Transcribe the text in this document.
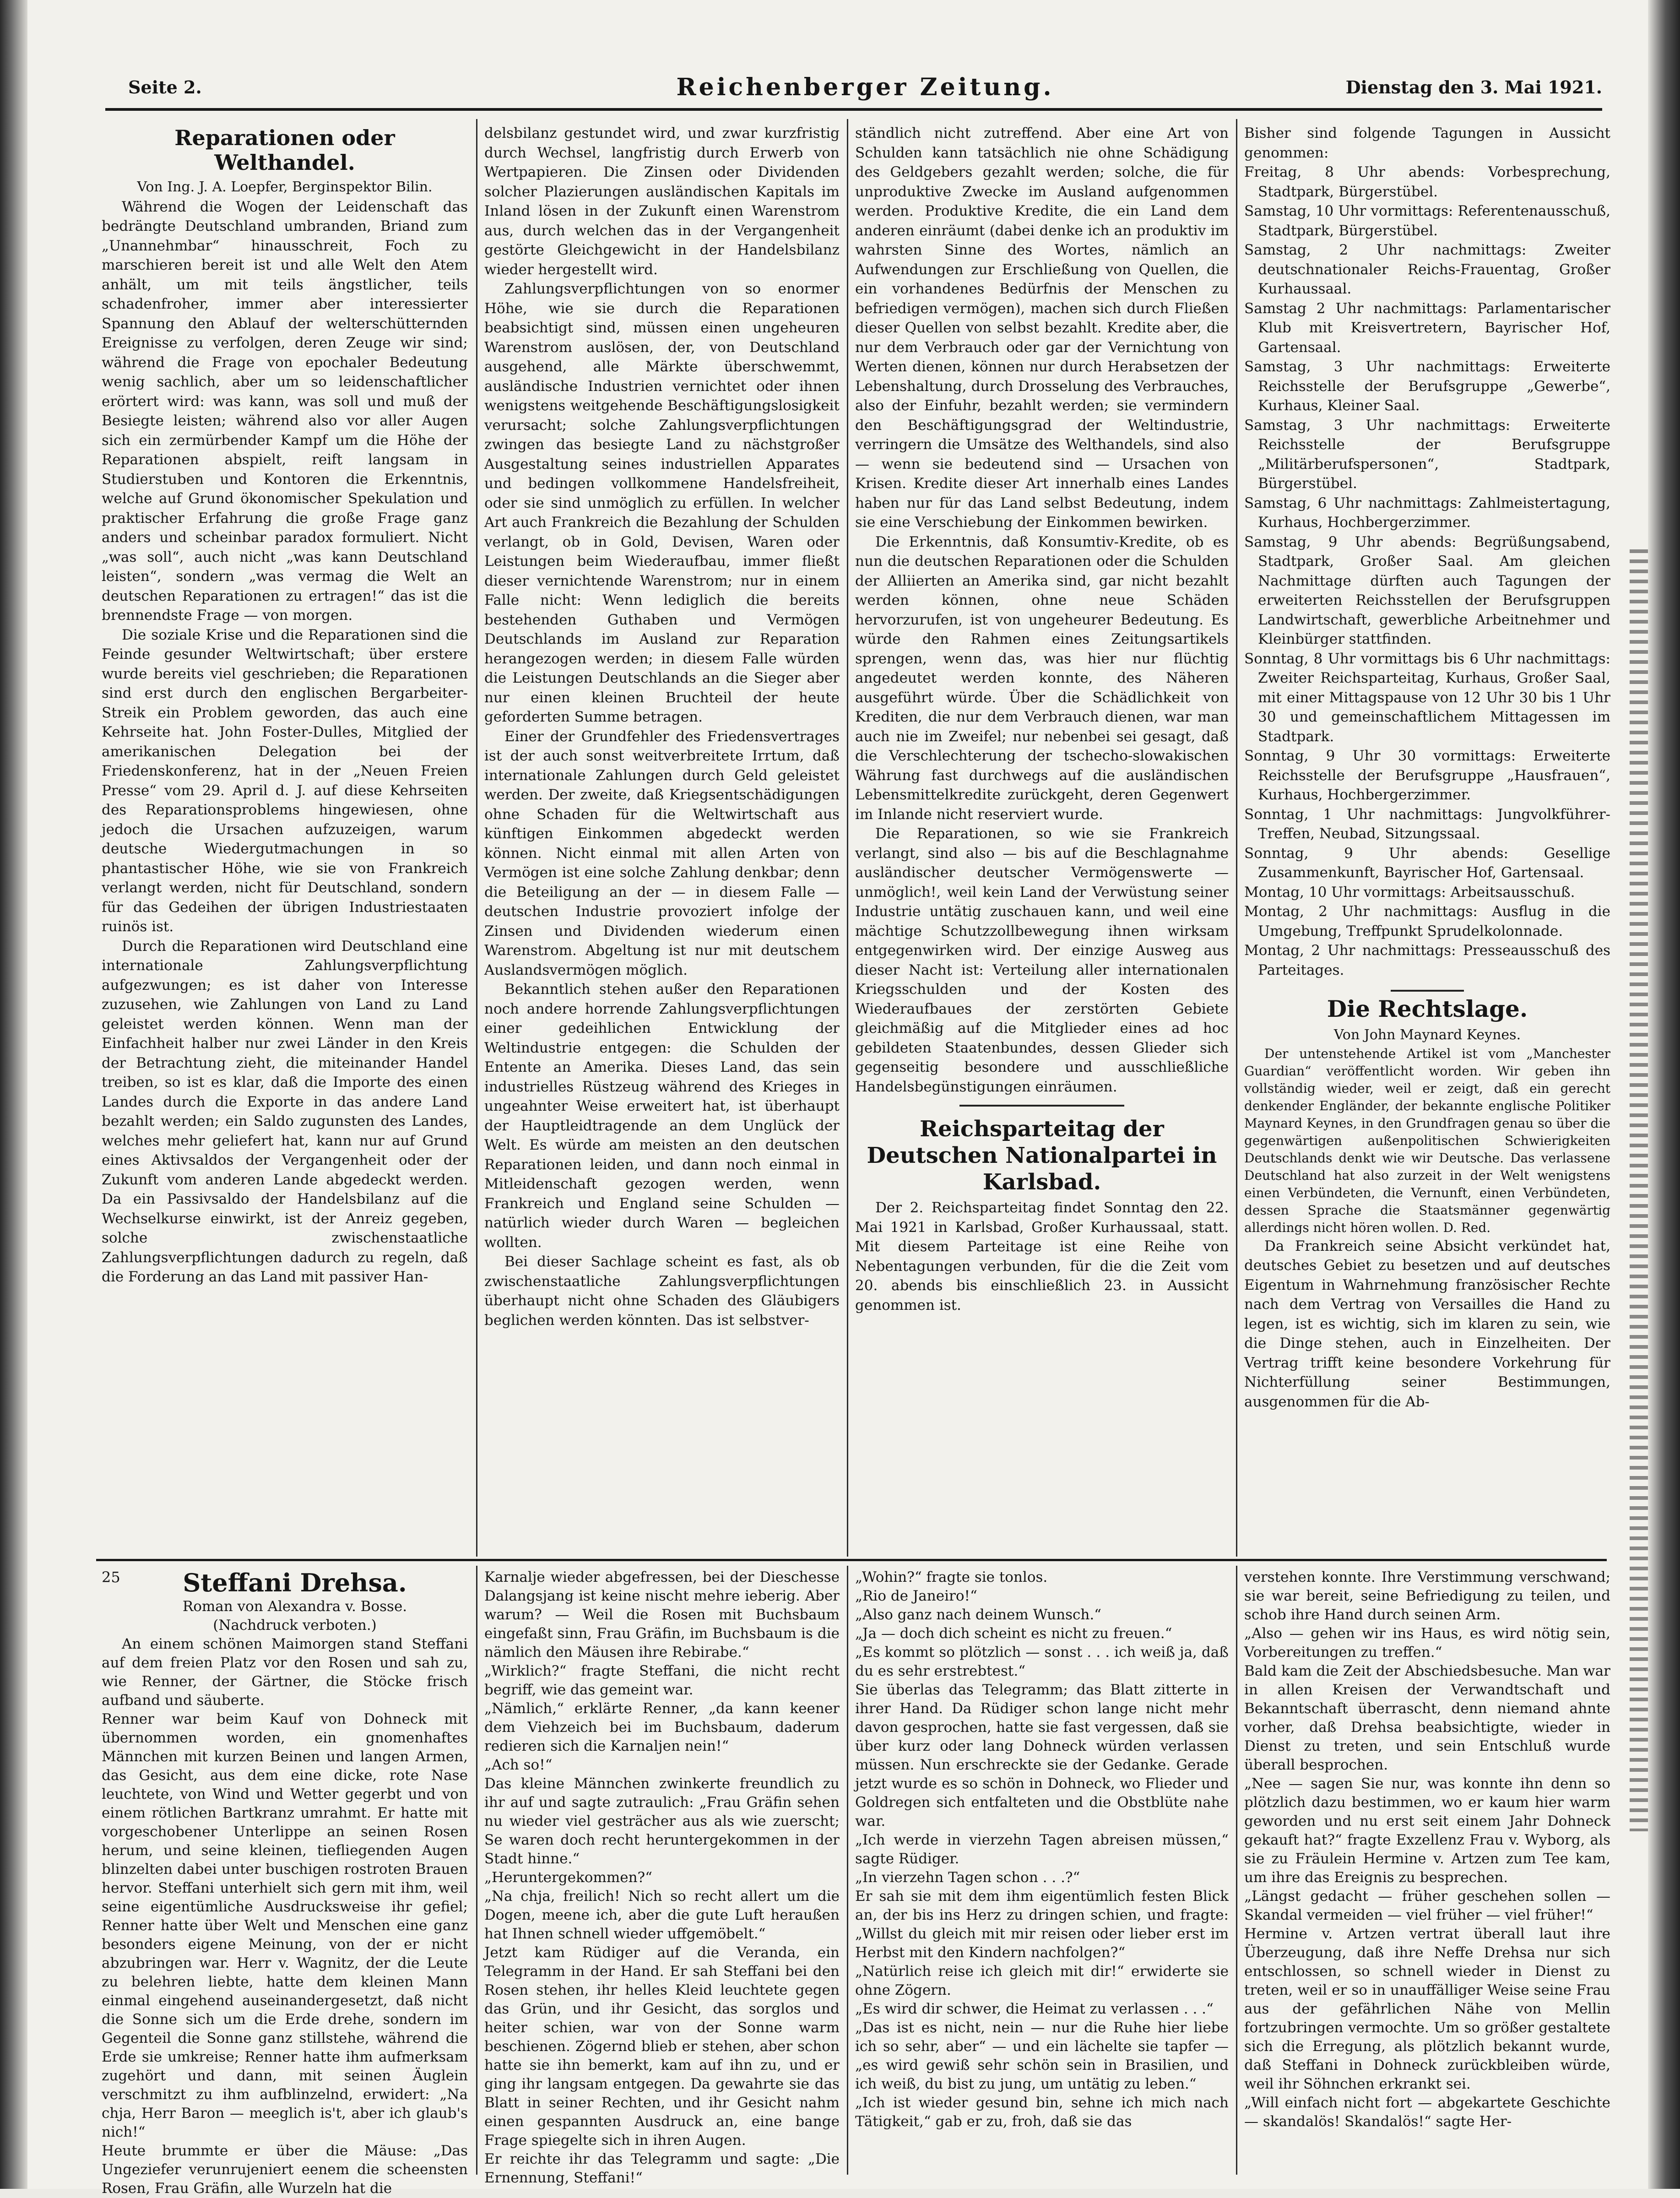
Seite 2.	Reichenberger Zeitung.	Dienstag den 3. Mai 1921.
Reparationen oder Welthandel.

Von Ing. J. A. Loepfer, Berginspektor Bilin.

Während die Wogen der Leidenschaft das bedrängte Deutschland umbranden, Briand zum „Unannehmbar“ hinausschreit, Foch zu marschieren bereit ist und alle Welt den Atem anhält, um mit teils ängstlicher, teils schadenfroher, immer aber interessierter Spannung den Ablauf der welterschütternden Ereignisse zu verfolgen, deren Zeuge wir sind; während die Frage von epochaler Bedeutung wenig sachlich, aber um so leidenschaftlicher erörtert wird: was kann, was soll und muß der Besiegte leisten; während also vor aller Augen sich ein zermürbender Kampf um die Höhe der Reparationen abspielt, reift langsam in Studierstuben und Kontoren die Erkenntnis, welche auf Grund ökonomischer Spekulation und praktischer Erfahrung die große Frage ganz anders und scheinbar paradox formuliert. Nicht „was soll“, auch nicht „was kann Deutschland leisten“, sondern „was vermag die Welt an deutschen Reparationen zu ertragen!“ das ist die brennendste Frage — von morgen.

Die soziale Krise und die Reparationen sind die Feinde gesunder Weltwirtschaft; über erstere wurde bereits viel geschrieben; die Reparationen sind erst durch den englischen Bergarbeiter-Streik ein Problem geworden, das auch eine Kehrseite hat. John Foster-Dulles, Mitglied der amerikanischen Delegation bei der Friedenskonferenz, hat in der „Neuen Freien Presse“ vom 29. April d. J. auf diese Kehrseiten des Reparationsproblems hingewiesen, ohne jedoch die Ursachen aufzuzeigen, warum deutsche Wiedergutmachungen in so phantastischer Höhe, wie sie von Frankreich verlangt werden, nicht für Deutschland, sondern für das Gedeihen der übrigen Industriestaaten ruinös ist.

Durch die Reparationen wird Deutschland eine internationale Zahlungsverpflichtung aufgezwungen; es ist daher von Interesse zuzusehen, wie Zahlungen von Land zu Land geleistet werden können. Wenn man der Einfachheit halber nur zwei Länder in den Kreis der Betrachtung zieht, die miteinander Handel treiben, so ist es klar, daß die Importe des einen Landes durch die Exporte in das andere Land bezahlt werden; ein Saldo zugunsten des Landes, welches mehr geliefert hat, kann nur auf Grund eines Aktivsaldos der Vergangenheit oder der Zukunft vom anderen Lande abgedeckt werden. Da ein Passivsaldo der Handelsbilanz auf die Wechselkurse einwirkt, ist der Anreiz gegeben, solche zwischenstaatliche Zahlungsverpflichtungen dadurch zu regeln, daß die Forderung an das Land mit passiver Han-

delsbilanz gestundet wird, und zwar kurzfristig durch Wechsel, langfristig durch Erwerb von Wertpapieren. Die Zinsen oder Dividenden solcher Plazierungen ausländischen Kapitals im Inland lösen in der Zukunft einen Warenstrom aus, durch welchen das in der Vergangenheit gestörte Gleichgewicht in der Handelsbilanz wieder hergestellt wird.

Zahlungsverpflichtungen von so enormer Höhe, wie sie durch die Reparationen beabsichtigt sind, müssen einen ungeheuren Warenstrom auslösen, der, von Deutschland ausgehend, alle Märkte überschwemmt, ausländische Industrien vernichtet oder ihnen wenigstens weitgehende Beschäftigungslosigkeit verursacht; solche Zahlungsverpflichtungen zwingen das besiegte Land zu nächstgroßer Ausgestaltung seines industriellen Apparates und bedingen vollkommene Handelsfreiheit, oder sie sind unmöglich zu erfüllen. In welcher Art auch Frankreich die Bezahlung der Schulden verlangt, ob in Gold, Devisen, Waren oder Leistungen beim Wiederaufbau, immer fließt dieser vernichtende Warenstrom; nur in einem Falle nicht: Wenn lediglich die bereits bestehenden Guthaben und Vermögen Deutschlands im Ausland zur Reparation herangezogen werden; in diesem Falle würden die Leistungen Deutschlands an die Sieger aber nur einen kleinen Bruchteil der heute geforderten Summe betragen.

Einer der Grundfehler des Friedensvertrages ist der auch sonst weitverbreitete Irrtum, daß internationale Zahlungen durch Geld geleistet werden. Der zweite, daß Kriegsentschädigungen ohne Schaden für die Weltwirtschaft aus künftigen Einkommen abgedeckt werden können. Nicht einmal mit allen Arten von Vermögen ist eine solche Zahlung denkbar; denn die Beteiligung an der — in diesem Falle — deutschen Industrie provoziert infolge der Zinsen und Dividenden wiederum einen Warenstrom. Abgeltung ist nur mit deutschem Auslandsvermögen möglich.

Bekanntlich stehen außer den Reparationen noch andere horrende Zahlungsverpflichtungen einer gedeihlichen Entwicklung der Weltindustrie entgegen: die Schulden der Entente an Amerika. Dieses Land, das sein industrielles Rüstzeug während des Krieges in ungeahnter Weise erweitert hat, ist überhaupt der Hauptleidtragende an dem Unglück der Welt. Es würde am meisten an den deutschen Reparationen leiden, und dann noch einmal in Mitleidenschaft gezogen werden, wenn Frankreich und England seine Schulden — natürlich wieder durch Waren — begleichen wollten.

Bei dieser Sachlage scheint es fast, als ob zwischenstaatliche Zahlungsverpflichtungen überhaupt nicht ohne Schaden des Gläubigers beglichen werden könnten. Das ist selbstver-

ständlich nicht zutreffend. Aber eine Art von Schulden kann tatsächlich nie ohne Schädigung des Geldgebers gezahlt werden; solche, die für unproduktive Zwecke im Ausland aufgenommen werden. Produktive Kredite, die ein Land dem anderen einräumt (dabei denke ich an produktiv im wahrsten Sinne des Wortes, nämlich an Aufwendungen zur Erschließung von Quellen, die ein vorhandenes Bedürfnis der Menschen zu befriedigen vermögen), machen sich durch Fließen dieser Quellen von selbst bezahlt. Kredite aber, die nur dem Verbrauch oder gar der Vernichtung von Werten dienen, können nur durch Herabsetzen der Lebenshaltung, durch Drosselung des Verbrauches, also der Einfuhr, bezahlt werden; sie vermindern den Beschäftigungsgrad der Weltindustrie, verringern die Umsätze des Welthandels, sind also — wenn sie bedeutend sind — Ursachen von Krisen. Kredite dieser Art innerhalb eines Landes haben nur für das Land selbst Bedeutung, indem sie eine Verschiebung der Einkommen bewirken.

Die Erkenntnis, daß Konsumtiv-Kredite, ob es nun die deutschen Reparationen oder die Schulden der Alliierten an Amerika sind, gar nicht bezahlt werden können, ohne neue Schäden hervorzurufen, ist von ungeheurer Bedeutung. Es würde den Rahmen eines Zeitungsartikels sprengen, wenn das, was hier nur flüchtig angedeutet werden konnte, des Näheren ausgeführt würde. Über die Schädlichkeit von Krediten, die nur dem Verbrauch dienen, war man auch nie im Zweifel; nur nebenbei sei gesagt, daß die Verschlechterung der tschecho-slowakischen Währung fast durchwegs auf die ausländischen Lebensmittelkredite zurückgeht, deren Gegenwert im Inlande nicht reserviert wurde.

Die Reparationen, so wie sie Frankreich verlangt, sind also — bis auf die Beschlagnahme ausländischer deutscher Vermögenswerte — unmöglich!, weil kein Land der Verwüstung seiner Industrie untätig zuschauen kann, und weil eine mächtige Schutzzollbewegung ihnen wirksam entgegenwirken wird. Der einzige Ausweg aus dieser Nacht ist: Verteilung aller internationalen Kriegsschulden und der Kosten des Wiederaufbaues der zerstörten Gebiete gleichmäßig auf die Mitglieder eines ad hoc gebildeten Staatenbundes, dessen Glieder sich gegenseitig besondere und ausschließliche Handelsbegünstigungen einräumen.

Reichsparteitag der Deutschen Nationalpartei in Karlsbad.

Der 2. Reichsparteitag findet Sonntag den 22. Mai 1921 in Karlsbad, Großer Kurhaussaal, statt. Mit diesem Parteitage ist eine Reihe von Nebentagungen verbunden, für die die Zeit vom 20. abends bis einschließlich 23. in Aussicht genommen ist.

Bisher sind folgende Tagungen in Aussicht genommen:

Freitag, 8 Uhr abends: Vorbesprechung, Stadtpark, Bürgerstübel.

Samstag, 10 Uhr vormittags: Referentenausschuß, Stadtpark, Bürgerstübel.

Samstag, 2 Uhr nachmittags: Zweiter deutschnationaler Reichs-Frauentag, Großer Kurhaussaal.

Samstag 2 Uhr nachmittags: Parlamentarischer Klub mit Kreisvertretern, Bayrischer Hof, Gartensaal.

Samstag, 3 Uhr nachmittags: Erweiterte Reichsstelle der Berufsgruppe „Gewerbe“, Kurhaus, Kleiner Saal.

Samstag, 3 Uhr nachmittags: Erweiterte Reichsstelle der Berufsgruppe „Militärberufspersonen“, Stadtpark, Bürgerstübel.

Samstag, 6 Uhr nachmittags: Zahlmeistertagung, Kurhaus, Hochbergerzimmer.

Samstag, 9 Uhr abends: Begrüßungsabend, Stadtpark, Großer Saal. Am gleichen Nachmittage dürften auch Tagungen der erweiterten Reichsstellen der Berufsgruppen Landwirtschaft, gewerbliche Arbeitnehmer und Kleinbürger stattfinden.

Sonntag, 8 Uhr vormittags bis 6 Uhr nachmittags: Zweiter Reichsparteitag, Kurhaus, Großer Saal, mit einer Mittagspause von 12 Uhr 30 bis 1 Uhr 30 und gemeinschaftlichem Mittagessen im Stadtpark.

Sonntag, 9 Uhr 30 vormittags: Erweiterte Reichsstelle der Berufsgruppe „Hausfrauen“, Kurhaus, Hochbergerzimmer.

Sonntag, 1 Uhr nachmittags: Jungvolkführer-Treffen, Neubad, Sitzungssaal.

Sonntag, 9 Uhr abends: Gesellige Zusammenkunft, Bayrischer Hof, Gartensaal.

Montag, 10 Uhr vormittags: Arbeitsausschuß.

Montag, 2 Uhr nachmittags: Ausflug in die Umgebung, Treffpunkt Sprudelkolonnade.

Montag, 2 Uhr nachmittags: Presseausschuß des Parteitages.

Die Rechtslage.

Von John Maynard Keynes.

Der untenstehende Artikel ist vom „Manchester Guardian“ veröffentlicht worden. Wir geben ihn vollständig wieder, weil er zeigt, daß ein gerecht denkender Engländer, der bekannte englische Politiker Maynard Keynes, in den Grundfragen genau so über die gegenwärtigen außenpolitischen Schwierigkeiten Deutschlands denkt wie wir Deutsche. Das verlassene Deutschland hat also zurzeit in der Welt wenigstens einen Verbündeten, die Vernunft, einen Verbündeten, dessen Sprache die Staatsmänner gegenwärtig allerdings nicht hören wollen. D. Red.

Da Frankreich seine Absicht verkündet hat, deutsches Gebiet zu besetzen und auf deutsches Eigentum in Wahrnehmung französischer Rechte nach dem Vertrag von Versailles die Hand zu legen, ist es wichtig, sich im klaren zu sein, wie die Dinge stehen, auch in Einzelheiten. Der Vertrag trifft keine besondere Vorkehrung für Nichterfüllung seiner Bestimmungen, ausgenommen für die Ab-

25	Steffani Drehsa.

Roman von Alexandra v. Bosse.

(Nachdruck verboten.)

An einem schönen Maimorgen stand Steffani auf dem freien Platz vor den Rosen und sah zu, wie Renner, der Gärtner, die Stöcke frisch aufband und säuberte.
Renner war beim Kauf von Dohneck mit übernommen worden, ein gnomenhaftes Männchen mit kurzen Beinen und langen Armen, das Gesicht, aus dem eine dicke, rote Nase leuchtete, von Wind und Wetter gegerbt und von einem rötlichen Bartkranz umrahmt. Er hatte mit vorgeschobener Unterlippe an seinen Rosen herum, und seine kleinen, tiefliegenden Augen blinzelten dabei unter buschigen rostroten Brauen hervor. Steffani unterhielt sich gern mit ihm, weil seine eigentümliche Ausdrucksweise ihr gefiel; Renner hatte über Welt und Menschen eine ganz besonders eigene Meinung, von der er nicht abzubringen war. Herr v. Wagnitz, der die Leute zu belehren liebte, hatte dem kleinen Mann einmal eingehend auseinandergesetzt, daß nicht die Sonne sich um die Erde drehe, sondern im Gegenteil die Sonne ganz stillstehe, während die Erde sie umkreise; Renner hatte ihm aufmerksam zugehört und dann, mit seinen Äuglein verschmitzt zu ihm aufblinzelnd, erwidert: „Na chja, Herr Baron — meeglich is't, aber ich glaub's nich!“
Heute brummte er über die Mäuse: „Das Ungeziefer verunrujeniert eenem die scheensten Rosen, Frau Gräfin, alle Wurzeln hat die

Karnalje wieder abgefressen, bei der Dieschesse Dalangsjang ist keine nischt mehre ieberig. Aber warum? — Weil die Rosen mit Buchsbaum eingefaßt sinn, Frau Gräfin, im Buchsbaum is die nämlich den Mäusen ihre Rebirabe.“
„Wirklich?“ fragte Steffani, die nicht recht begriff, wie das gemeint war.
„Nämlich,“ erklärte Renner, „da kann keener dem Viehzeich bei im Buchsbaum, daderum redieren sich die Karnaljen nein!“
„Ach so!“
Das kleine Männchen zwinkerte freundlich zu ihr auf und sagte zutraulich: „Frau Gräfin sehen nu wieder viel gesträcher aus als wie zuerscht; Se waren doch recht heruntergekommen in der Stadt hinne.“
„Heruntergekommen?“
„Na chja, freilich! Nich so recht allert um die Dogen, meene ich, aber die gute Luft heraußen hat Ihnen schnell wieder uffgemöbelt.“
Jetzt kam Rüdiger auf die Veranda, ein Telegramm in der Hand. Er sah Steffani bei den Rosen stehen, ihr helles Kleid leuchtete gegen das Grün, und ihr Gesicht, das sorglos und heiter schien, war von der Sonne warm beschienen. Zögernd blieb er stehen, aber schon hatte sie ihn bemerkt, kam auf ihn zu, und er ging ihr langsam entgegen. Da gewahrte sie das Blatt in seiner Rechten, und ihr Gesicht nahm einen gespannten Ausdruck an, eine bange Frage spiegelte sich in ihren Augen.
Er reichte ihr das Telegramm und sagte: „Die Ernennung, Steffani!“

„Wohin?“ fragte sie tonlos.
„Rio de Janeiro!“
„Also ganz nach deinem Wunsch.“
„Ja — doch dich scheint es nicht zu freuen.“
„Es kommt so plötzlich — sonst . . . ich weiß ja, daß du es sehr erstrebtest.“
Sie überlas das Telegramm; das Blatt zitterte in ihrer Hand. Da Rüdiger schon lange nicht mehr davon gesprochen, hatte sie fast vergessen, daß sie über kurz oder lang Dohneck würden verlassen müssen. Nun erschreckte sie der Gedanke. Gerade jetzt wurde es so schön in Dohneck, wo Flieder und Goldregen sich entfalteten und die Obstblüte nahe war.
„Ich werde in vierzehn Tagen abreisen müssen,“ sagte Rüdiger.
„In vierzehn Tagen schon . . .?“
Er sah sie mit dem ihm eigentümlich festen Blick an, der bis ins Herz zu dringen schien, und fragte: „Willst du gleich mit mir reisen oder lieber erst im Herbst mit den Kindern nachfolgen?“
„Natürlich reise ich gleich mit dir!“ erwiderte sie ohne Zögern.
„Es wird dir schwer, die Heimat zu verlassen . . .“
„Das ist es nicht, nein — nur die Ruhe hier liebe ich so sehr, aber“ — und ein lächelte sie tapfer — „es wird gewiß sehr schön sein in Brasilien, und ich weiß, du bist zu jung, um untätig zu leben.“
„Ich ist wieder gesund bin, sehne ich mich nach Tätigkeit,“ gab er zu, froh, daß sie das

verstehen konnte. Ihre Verstimmung verschwand; sie war bereit, seine Befriedigung zu teilen, und schob ihre Hand durch seinen Arm.
„Also — gehen wir ins Haus, es wird nötig sein, Vorbereitungen zu treffen.“
Bald kam die Zeit der Abschiedsbesuche. Man war in allen Kreisen der Verwandtschaft und Bekanntschaft überrascht, denn niemand ahnte vorher, daß Drehsa beabsichtigte, wieder in Dienst zu treten, und sein Entschluß wurde überall besprochen.
„Nee — sagen Sie nur, was konnte ihn denn so plötzlich dazu bestimmen, wo er kaum hier warm geworden und nu erst seit einem Jahr Dohneck gekauft hat?“ fragte Exzellenz Frau v. Wyborg, als sie zu Fräulein Hermine v. Artzen zum Tee kam, um ihre das Ereignis zu besprechen.
„Längst gedacht — früher geschehen sollen — Skandal vermeiden — viel früher — viel früher!“
Hermine v. Artzen vertrat überall laut ihre Überzeugung, daß ihre Neffe Drehsa nur sich entschlossen, so schnell wieder in Dienst zu treten, weil er so in unauffälliger Weise seine Frau aus der gefährlichen Nähe von Mellin fortzubringen vermochte. Um so größer gestaltete sich die Erregung, als plötzlich bekannt wurde, daß Steffani in Dohneck zurückbleiben würde, weil ihr Söhnchen erkrankt sei.
„Will einfach nicht fort — abgekartete Geschichte — skandalös! Skandalös!“ sagte Her-
